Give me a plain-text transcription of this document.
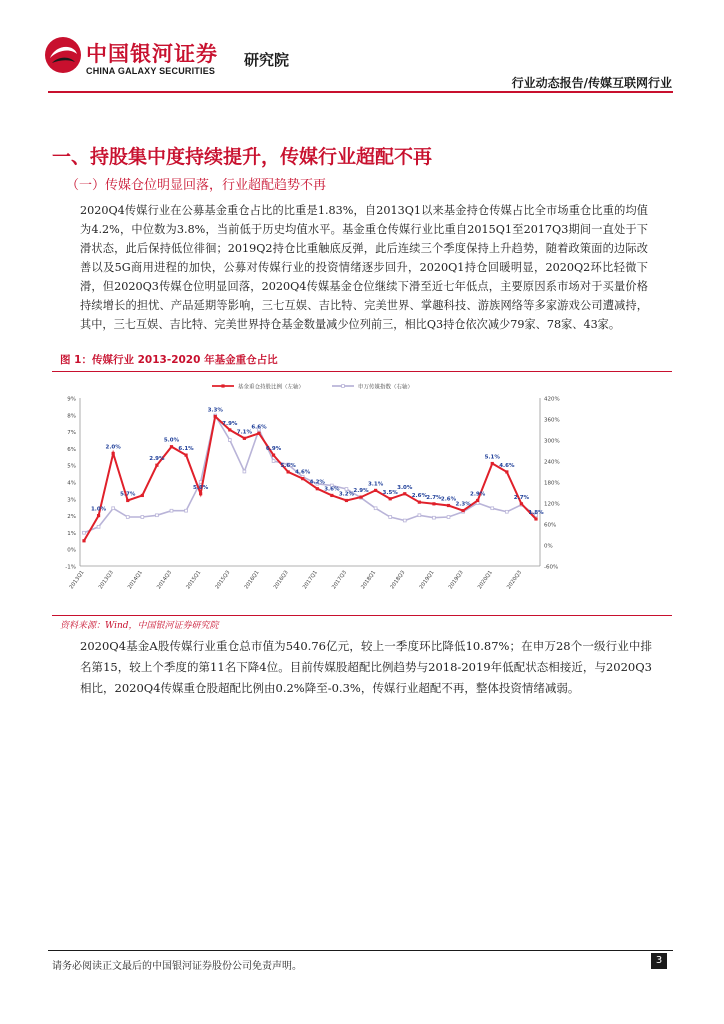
中国银河证券
CHINA GALAXY SECURITIES
研究院
行业动态报告/传媒互联网行业
一、持股集中度持续提升，传媒行业超配不再
（一）传媒仓位明显回落，行业超配趋势不再
2020Q4传媒行业在公募基金重仓占比的比重是1.83%，自2013Q1以来基金持仓传媒占比全市场重仓比重的均值为4.2%，中位数为3.8%，当前低于历史均值水平。基金重仓传媒行业比重自2015Q1至2017Q3期间一直处于下滑状态，此后保持低位徘徊；2019Q2持仓比重触底反弹，此后连续三个季度保持上升趋势，随着政策面的边际改善以及5G商用进程的加快，公募对传媒行业的投资情绪逐步回升，2020Q1持仓回暖明显，2020Q2环比轻微下滑，但2020Q3传媒仓位明显回落，2020Q4传媒基金仓位继续下滑至近七年低点，主要原因系市场对于买量价格持续增长的担忧、产品延期等影响，三七互娱、吉比特、完美世界、掌趣科技、游族网络等多家游戏公司遭减持，其中，三七互娱、吉比特、完美世界持仓基金数量减少位列前三，相比Q3持仓依次减少79家、78家、43家。
图 1：传媒行业 2013-2020 年基金重仓占比
基金重仓持股比例（左轴）	申万传媒指数（右轴）
-1%
0%
1%
2%
3%
4%
5%
6%
7%
8%
9%
-60%
0%
60%
120%
180%
240%
300%
360%
420%
2013Q1 2013Q3 2014Q1 2014Q3 2015Q1 2015Q3 2016Q1 2016Q3 2017Q1 2017Q3 2018Q1 2018Q3 2019Q1 2019Q3 2020Q1 2020Q3
1.0%
2.0%
5.7%
2.9%
5.0%
6.1%
5.6%
3.3%
7.9%
7.1%
6.6%
6.9%
5.6%
4.6%
4.2%
3.6%
3.2%
2.9%
3.1%
3.5%
3.0%
2.6% 2.7% 2.6%
2.3%
2.9%
5.1%
4.6%
2.7%
1.8%
资料来源：Wind，中国银河证券研究院
2020Q4基金A股传媒行业重仓总市值为540.76亿元，较上一季度环比降低10.87%；在申万28个一级行业中排名第15，较上个季度的第11名下降4位。目前传媒股超配比例趋势与2018-2019年低配状态相接近，与2020Q3相比，2020Q4传媒重仓股超配比例由0.2%降至-0.3%，传媒行业超配不再，整体投资情绪减弱。
请务必阅读正文最后的中国银河证券股份公司免责声明。
3
